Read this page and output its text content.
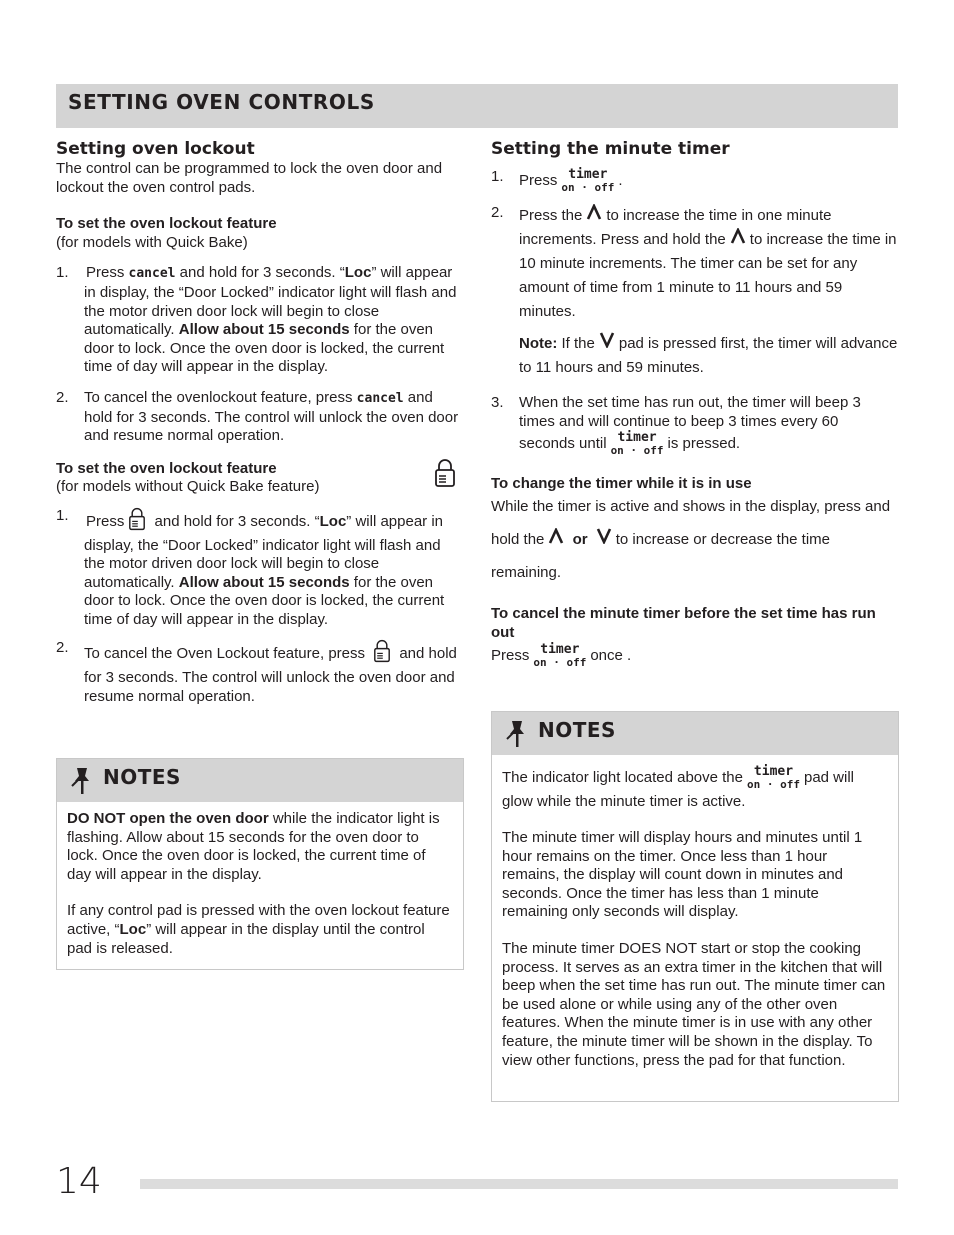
SETTING OVEN CONTROLS
Setting oven lockout

The control can be programmed to lock the oven door and lockout the oven control pads.

To set the oven lockout feature

(for models with Quick Bake)

1. Press cancel and hold for 3 seconds. “Loc” will appear in display, the “Door Locked” indicator light will flash and the motor driven door lock will begin to close automatically. Allow about 15 seconds for the oven door to lock. Once the oven door is locked, the current time of day will appear in the display.

2. To cancel the ovenlockout feature, press cancel and hold for 3 seconds. The control will unlock the oven door and resume normal operation.

To set the oven lockout feature

(for models without Quick Bake feature)

1. Press and hold for 3 seconds. “Loc” will appear in display, the “Door Locked” indicator light will flash and the motor driven door lock will begin to close automatically. Allow about 15 seconds for the oven door to lock. Once the oven door is locked, the current time of day will appear in the display.

2. To cancel the Oven Lockout feature, press  and hold for 3 seconds. The control will unlock the oven door and resume normal operation.

NOTES

DO NOT open the oven door while the indicator light is flashing. Allow about 15 seconds for the oven door to lock. Once the oven door is locked, the current time of day will appear in the display.

If any control pad is pressed with the oven lockout feature active, “Loc” will appear in the display until the control pad is released.

Setting the minute timer
1. Press timer
on · off .

2. Press the to increase the time in one minute increments. Press and hold the to increase the time in 10 minute increments. The timer can be set for any amount of time from 1 minute to 11 hours and 59 minutes.

Note: If the pad is pressed first, the timer will advance to 11 hours and 59 minutes.

3. When the set time has run out, the timer will beep 3 times and will continue to beep 3 times every 60 seconds until timer
on · off is pressed.

To change the timer while it is in use

While the timer is active and shows in the display, press and hold the or to increase or decrease the time remaining.

To cancel the minute timer before the set time has run out

Press timer
on · off once .

NOTES

The indicator light located above the timer
on · off pad will glow while the minute timer is active.

The minute timer will display hours and minutes until 1 hour remains on the timer. Once less than 1 hour remains, the display will count down in minutes and seconds. Once the timer has less than 1 minute remaining only seconds will display.

The minute timer DOES NOT start or stop the cooking process. It serves as an extra timer in the kitchen that will beep when the set time has run out. The minute timer can be used alone or while using any of the other oven features. When the minute timer is in use with any other feature, the minute timer will be shown in the display. To view other functions, press the pad for that function.

14
